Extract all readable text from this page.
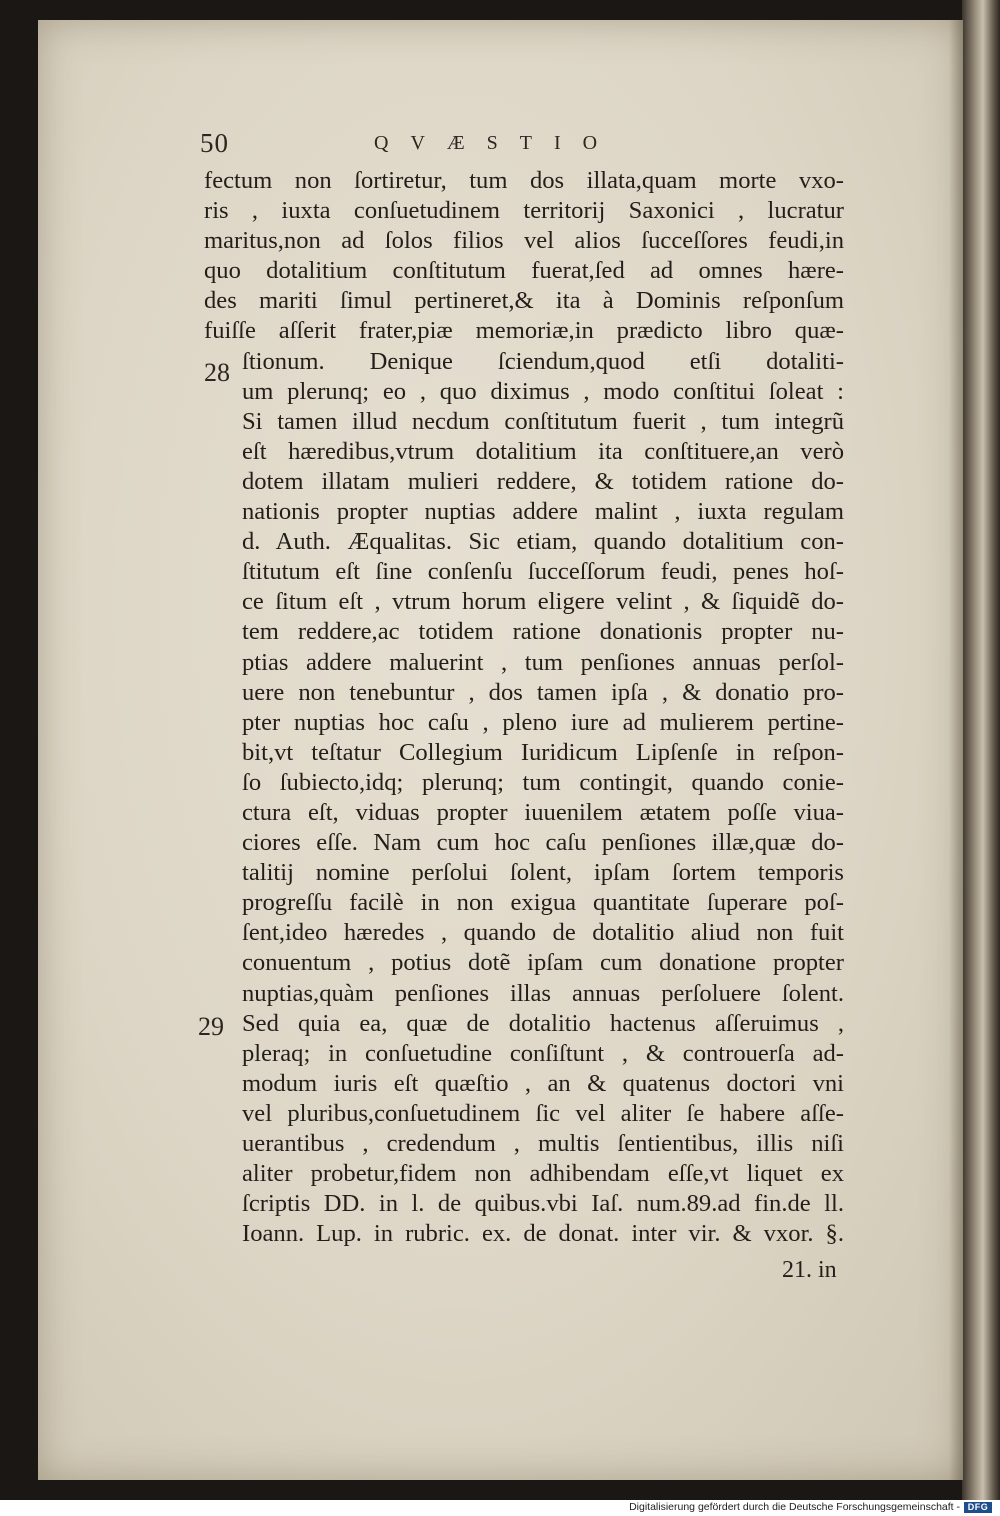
50	QVÆSTIO
28
29
fectum non ſortiretur, tum dos illata,quam morte vxo-
ris , iuxta conſuetudinem territorij Saxonici , lucratur
maritus,non ad ſolos filios vel alios ſucceſſores feudi,in
quo dotalitium conſtitutum fuerat,ſed ad omnes hære-
des mariti ſimul pertineret,& ita à Dominis reſponſum
fuiſſe aſſerit frater,piæ memoriæ,in prædicto libro quæ-
ſtionum. Denique ſciendum,quod etſi dotaliti-
um plerunq; eo , quo diximus , modo conſtitui ſoleat :
Si tamen illud necdum conſtitutum fuerit , tum integrũ
eſt hæredibus,vtrum dotalitium ita conſtituere,an verò
dotem illatam mulieri reddere, & totidem ratione do-
nationis propter nuptias addere malint , iuxta regulam
d. Auth. Æqualitas. Sic etiam, quando dotalitium con-
ſtitutum eſt ſine conſenſu ſucceſſorum feudi, penes hoſ-
ce ſitum eſt , vtrum horum eligere velint , & ſiquidẽ do-
tem reddere,ac totidem ratione donationis propter nu-
ptias addere maluerint , tum penſiones annuas perſol-
uere non tenebuntur , dos tamen ipſa , & donatio pro-
pter nuptias hoc caſu , pleno iure ad mulierem pertine-
bit,vt teſtatur Collegium Iuridicum Lipſenſe in reſpon-
ſo ſubiecto,idq; plerunq; tum contingit, quando conie-
ctura eſt, viduas propter iuuenilem ætatem poſſe viua-
ciores eſſe. Nam cum hoc caſu penſiones illæ,quæ do-
talitij nomine perſolui ſolent, ipſam ſortem temporis
progreſſu facilè in non exigua quantitate ſuperare poſ-
ſent,ideo hæredes , quando de dotalitio aliud non fuit
conuentum , potius dotẽ ipſam cum donatione propter
nuptias,quàm penſiones illas annuas perſoluere ſolent.
Sed quia ea, quæ de dotalitio hactenus aſſeruimus ,
pleraq; in conſuetudine conſiſtunt , & controuerſa ad-
modum iuris eſt quæſtio , an & quatenus doctori vni
vel pluribus,conſuetudinem ſic vel aliter ſe habere aſſe-
uerantibus , credendum , multis ſentientibus, illis niſi
aliter probetur,fidem non adhibendam eſſe,vt liquet ex
ſcriptis DD. in l. de quibus.vbi Iaſ. num.89.ad fin.de ll.
Ioann. Lup. in rubric. ex. de donat. inter vir. & vxor. §.
21. in
Digitalisierung gefördert durch die Deutsche Forschungsgemeinschaft - DFG
